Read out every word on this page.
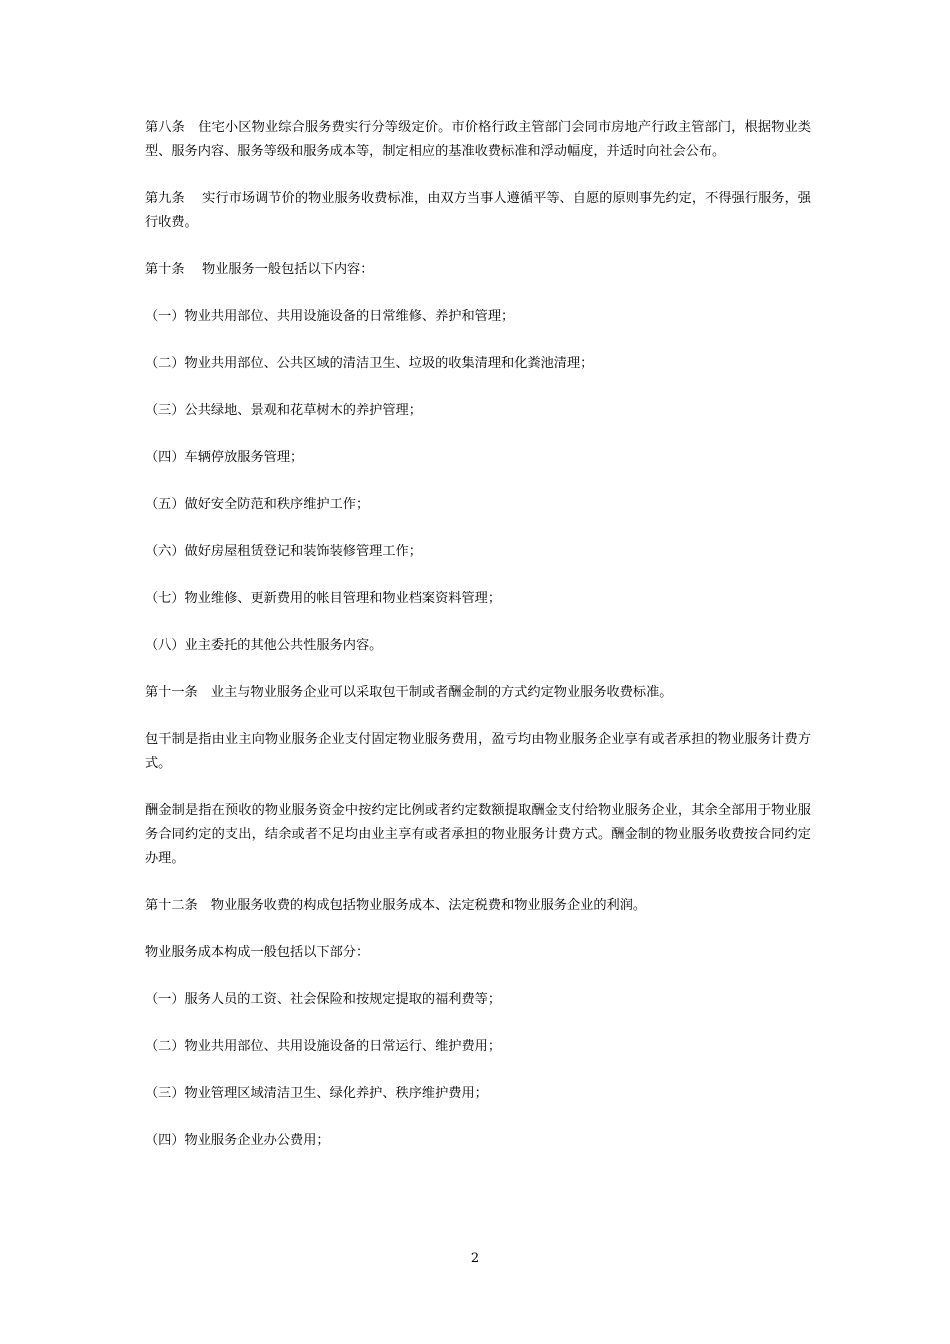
第八条　住宅小区物业综合服务费实行分等级定价。市价格行政主管部门会同市房地产行政主管部门，根据物业类型、服务内容、服务等级和服务成本等，制定相应的基准收费标准和浮动幅度，并适时向社会公布。

第九条　 实行市场调节价的物业服务收费标准，由双方当事人遵循平等、自愿的原则事先约定，不得强行服务，强行收费。

第十条　 物业服务一般包括以下内容：

（一）物业共用部位、共用设施设备的日常维修、养护和管理；

（二）物业共用部位、公共区域的清洁卫生、垃圾的收集清理和化粪池清理；

（三）公共绿地、景观和花草树木的养护管理；

（四）车辆停放服务管理；

（五）做好安全防范和秩序维护工作；

（六）做好房屋租赁登记和装饰装修管理工作；

（七）物业维修、更新费用的帐目管理和物业档案资料管理；

（八）业主委托的其他公共性服务内容。

第十一条　业主与物业服务企业可以采取包干制或者酬金制的方式约定物业服务收费标准。

包干制是指由业主向物业服务企业支付固定物业服务费用，盈亏均由物业服务企业享有或者承担的物业服务计费方式。

酬金制是指在预收的物业服务资金中按约定比例或者约定数额提取酬金支付给物业服务企业，其余全部用于物业服务合同约定的支出，结余或者不足均由业主享有或者承担的物业服务计费方式。酬金制的物业服务收费按合同约定办理。

第十二条　物业服务收费的构成包括物业服务成本、法定税费和物业服务企业的利润。

物业服务成本构成一般包括以下部分：

（一）服务人员的工资、社会保险和按规定提取的福利费等；

（二）物业共用部位、共用设施设备的日常运行、维护费用；

（三）物业管理区域清洁卫生、绿化养护、秩序维护费用；

（四）物业服务企业办公费用；

2
